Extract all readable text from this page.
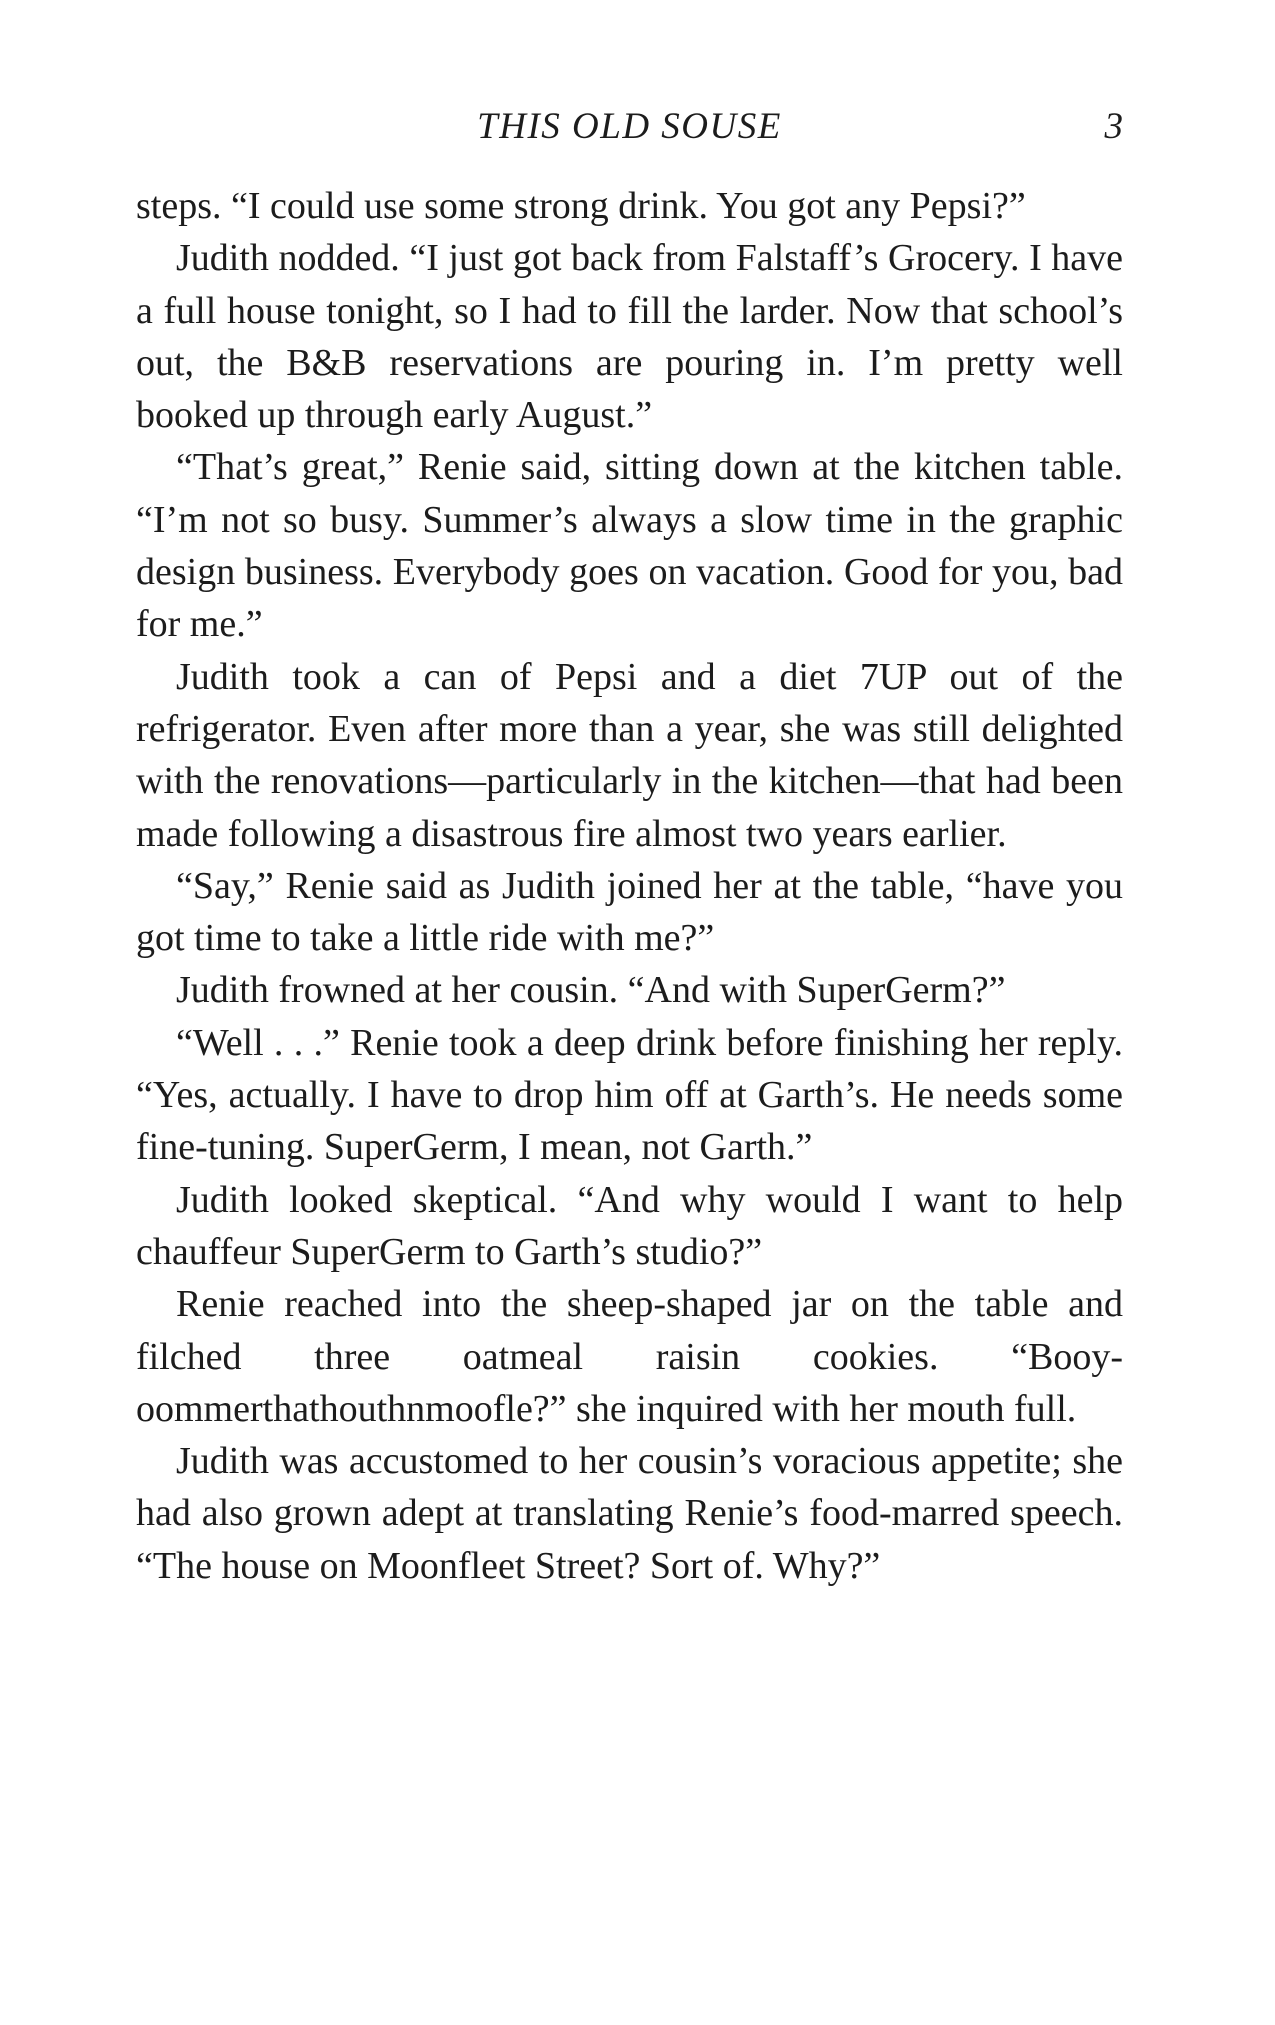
THIS OLD SOUSE	3

steps. “I could use some strong drink. You got any Pepsi?”

Judith nodded. “I just got back from Falstaff’s Grocery. I have a full house tonight, so I had to fill the larder. Now that school’s out, the B&B reservations are pouring in. I’m pretty well booked up through early August.”

“That’s great,” Renie said, sitting down at the kitchen table. “I’m not so busy. Summer’s always a slow time in the graphic design business. Everybody goes on vacation. Good for you, bad for me.”

Judith took a can of Pepsi and a diet 7UP out of the refrigerator. Even after more than a year, she was still delighted with the renovations—particularly in the kitchen—that had been made following a disastrous fire almost two years earlier.

“Say,” Renie said as Judith joined her at the table, “have you got time to take a little ride with me?”

Judith frowned at her cousin. “And with SuperGerm?”

“Well . . .” Renie took a deep drink before finishing her reply. “Yes, actually. I have to drop him off at Garth’s. He needs some fine-tuning. SuperGerm, I mean, not Garth.”

Judith looked skeptical. “And why would I want to help chauffeur SuperGerm to Garth’s studio?”

Renie reached into the sheep-shaped jar on the table and filched three oatmeal raisin cookies. “Booyoommerthathouthnmoofle?” she inquired with her mouth full.

Judith was accustomed to her cousin’s voracious appetite; she had also grown adept at translating Renie’s food-marred speech. “The house on Moonfleet Street? Sort of. Why?”
